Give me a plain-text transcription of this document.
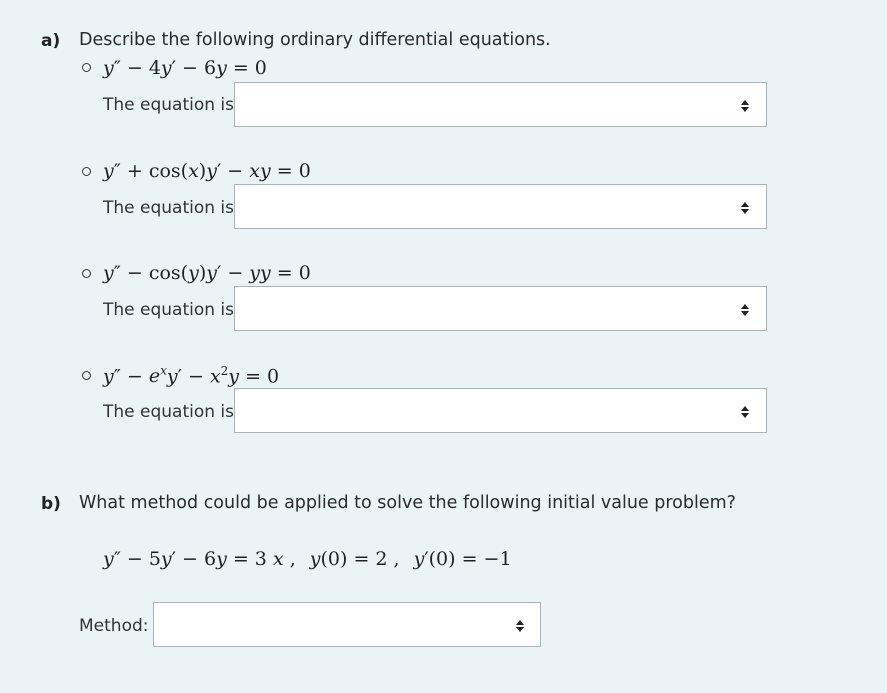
a) Describe the following ordinary differential equations.
y″ − 4y′ − 6y = 0
The equation is
y″ + cos(x)y′ − xy = 0
The equation is
y″ − cos(y)y′ − yy = 0
The equation is
$y'' - e^xy' - x^2y = 0$
The equation is
b) What method could be applied to solve the following initial value problem?
y″ − 5y′ − 6y = 3 x , y(0) = 2 , y′(0) = −1
Method:
